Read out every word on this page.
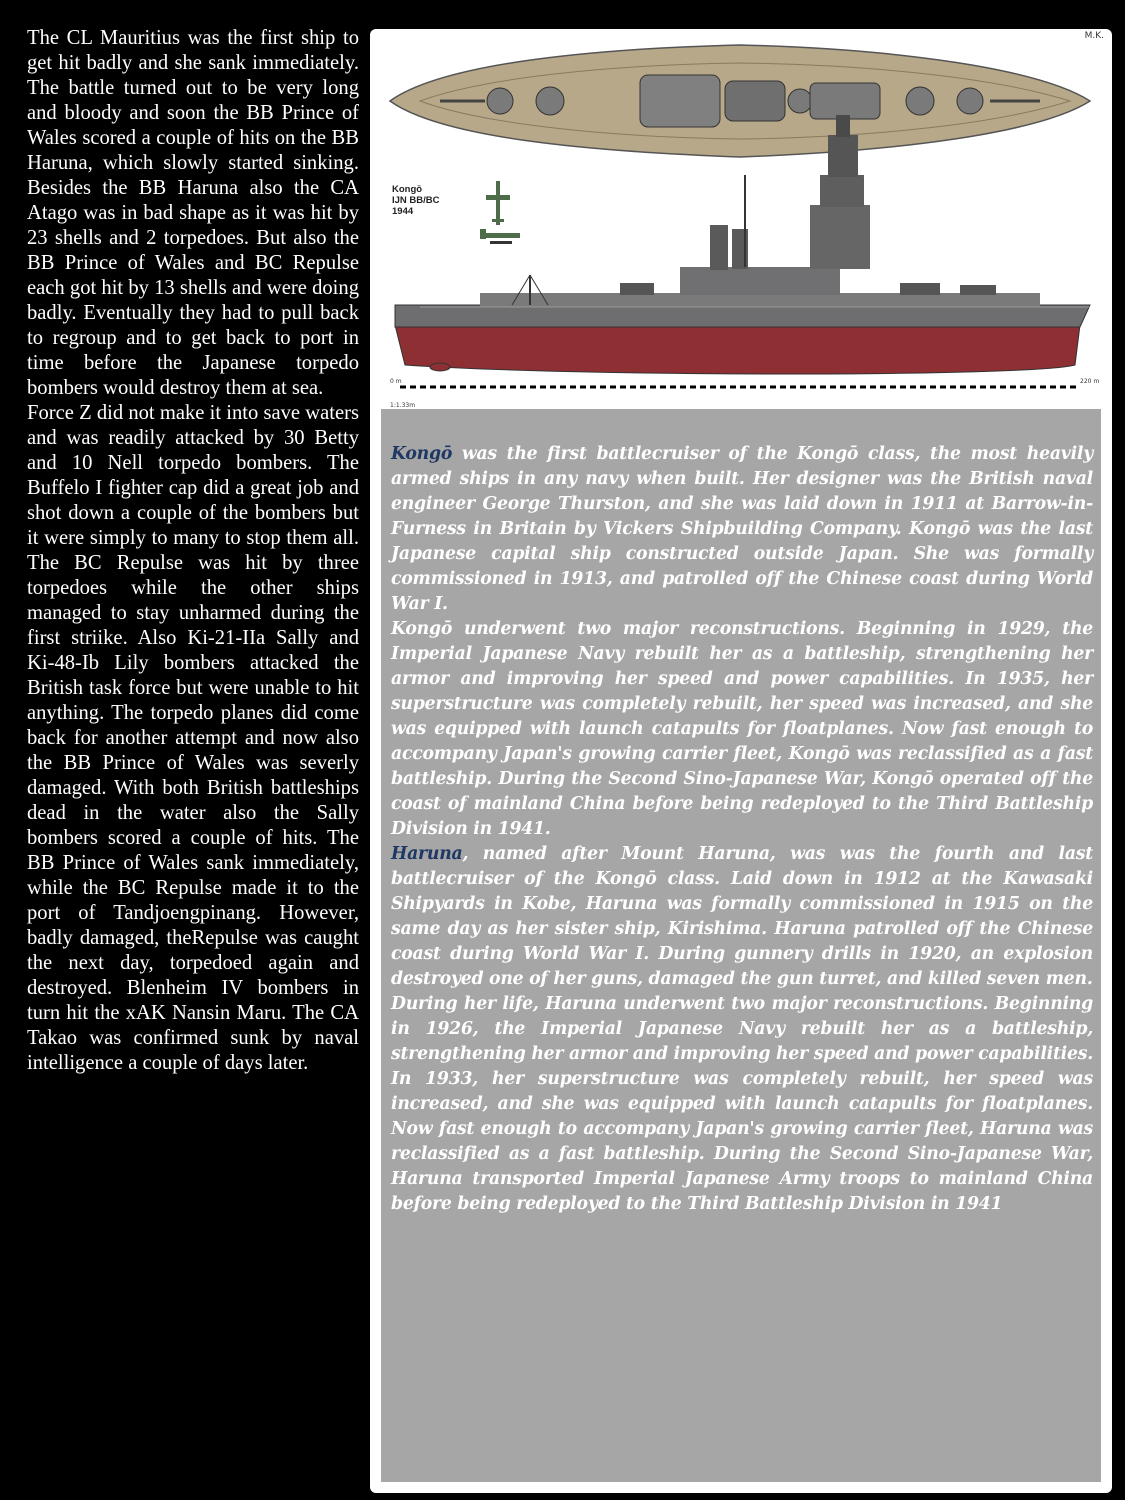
The CL Mauritius was the first ship to get hit badly and she sank immediately. The battle turned out to be very long and bloody and soon the BB Prince of Wales scored a couple of hits on the BB Haruna, which slowly started sinking. Besides the BB Haruna also the CA Atago was in bad shape as it was hit by 23 shells and 2 torpedoes. But also the BB Prince of Wales and BC Repulse each got hit by 13 shells and were doing badly. Eventually they had to pull back to regroup and to get back to port in time before the Japanese torpedo bombers would destroy them at sea.

Force Z did not make it into save waters and was readily attacked by 30 Betty and 10 Nell torpedo bombers. The Buffelo I fighter cap did a great job and shot down a couple of the bombers but it were simply to many to stop them all. The BC Repulse was hit by three torpedoes while the other ships managed to stay unharmed during the first striike. Also Ki-21-IIa Sally and Ki-48-Ib Lily bombers attacked the British task force but were unable to hit anything. The torpedo planes did come back for another attempt and now also the BB Prince of Wales was severly damaged. With both British battleships dead in the water also the Sally bombers scored a couple of hits. The BB Prince of Wales sank immediately, while the BC Repulse made it to the port of Tandjoengpinang. However, badly damaged, theRepulse was caught the next day, torpedoed again and destroyed. Blenheim IV bombers in turn hit the xAK Nansin Maru. The CA Takao was confirmed sunk by naval intelligence a couple of days later.

M.K.
0 m	220 m
1:1.33m
Kongō
IJN BB/BC
1944

Kongō was the first battlecruiser of the Kongō class, the most heavily armed ships in any navy when built. Her designer was the British naval engineer George Thurston, and she was laid down in 1911 at Barrow-in-Furness in Britain by Vickers Shipbuilding Company. Kongō was the last Japanese capital ship constructed outside Japan. She was formally commissioned in 1913, and patrolled off the Chinese coast during World War I.

Kongō underwent two major reconstructions. Beginning in 1929, the Imperial Japanese Navy rebuilt her as a battleship, strengthening her armor and improving her speed and power capabilities. In 1935, her superstructure was completely rebuilt, her speed was increased, and she was equipped with launch catapults for floatplanes. Now fast enough to accompany Japan's growing carrier fleet, Kongō was reclassified as a fast battleship. During the Second Sino-Japanese War, Kongō operated off the coast of mainland China before being redeployed to the Third Battleship Division in 1941.

Haruna, named after Mount Haruna, was was the fourth and last battlecruiser of the Kongō class. Laid down in 1912 at the Kawasaki Shipyards in Kobe, Haruna was formally commissioned in 1915 on the same day as her sister ship, Kirishima. Haruna patrolled off the Chinese coast during World War I. During gunnery drills in 1920, an explosion destroyed one of her guns, damaged the gun turret, and killed seven men.

During her life, Haruna underwent two major reconstructions. Beginning in 1926, the Imperial Japanese Navy rebuilt her as a battleship, strengthening her armor and improving her speed and power capabilities. In 1933, her superstructure was completely rebuilt, her speed was increased, and she was equipped with launch catapults for floatplanes. Now fast enough to accompany Japan's growing carrier fleet, Haruna was reclassified as a fast battleship. During the Second Sino-Japanese War, Haruna transported Imperial Japanese Army troops to mainland China before being redeployed to the Third Battleship Division in 1941
